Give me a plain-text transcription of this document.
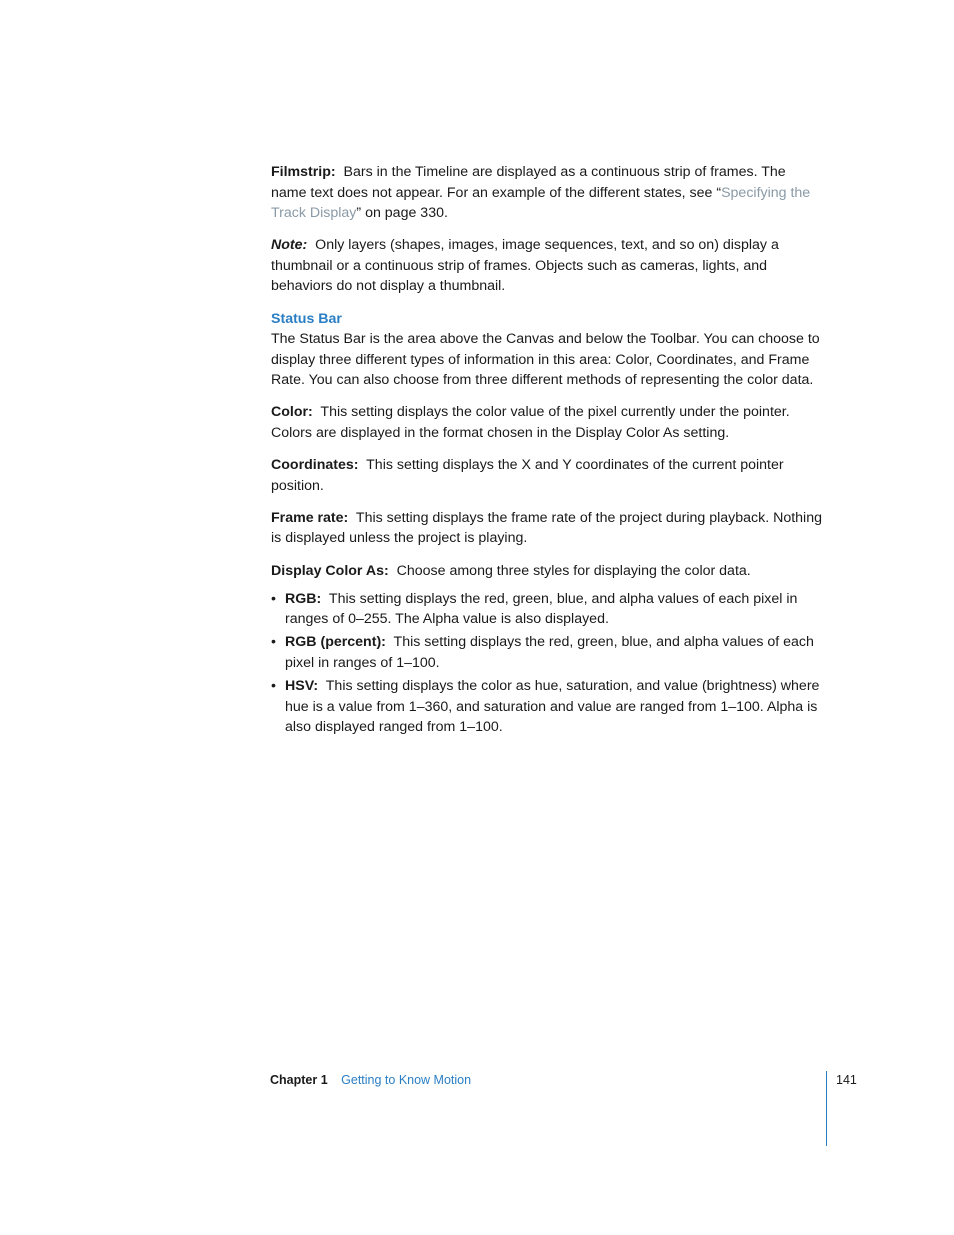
Filmstrip: Bars in the Timeline are displayed as a continuous strip of frames. The name text does not appear. For an example of the different states, see “Specifying the Track Display” on page 330.

Note: Only layers (shapes, images, image sequences, text, and so on) display a thumbnail or a continuous strip of frames. Objects such as cameras, lights, and behaviors do not display a thumbnail.

Status Bar

The Status Bar is the area above the Canvas and below the Toolbar. You can choose to display three different types of information in this area: Color, Coordinates, and Frame Rate. You can also choose from three different methods of representing the color data.

Color: This setting displays the color value of the pixel currently under the pointer. Colors are displayed in the format chosen in the Display Color As setting.

Coordinates: This setting displays the X and Y coordinates of the current pointer position.

Frame rate: This setting displays the frame rate of the project during playback. Nothing is displayed unless the project is playing.

Display Color As: Choose among three styles for displaying the color data.

• RGB: This setting displays the red, green, blue, and alpha values of each pixel in ranges of 0–255. The Alpha value is also displayed.
• RGB (percent): This setting displays the red, green, blue, and alpha values of each pixel in ranges of 1–100.
• HSV: This setting displays the color as hue, saturation, and value (brightness) where hue is a value from 1–360, and saturation and value are ranged from 1–100. Alpha is also displayed ranged from 1–100.
Chapter 1 Getting to Know Motion	141
